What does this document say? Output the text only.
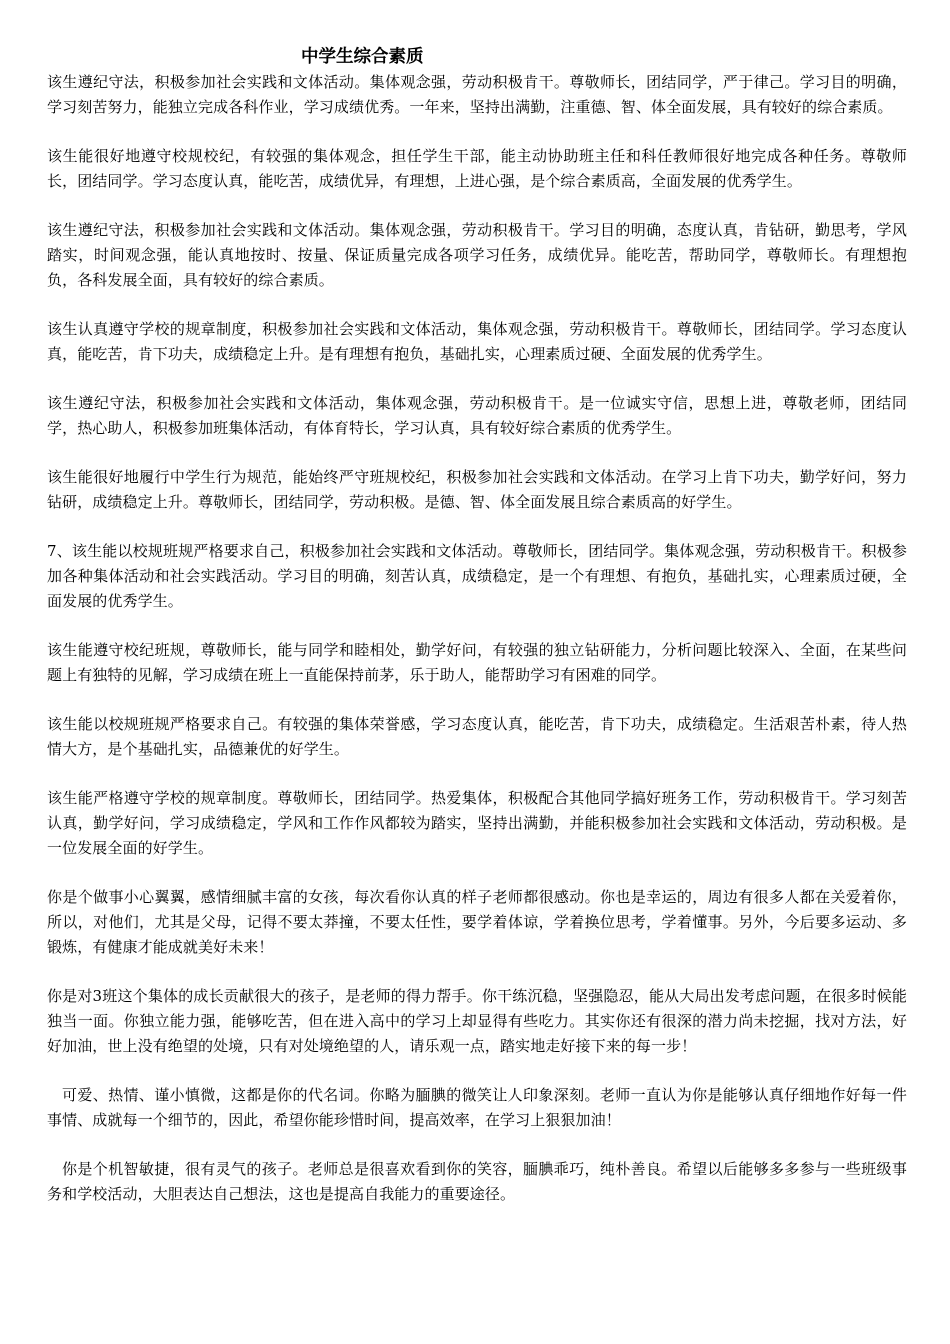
中学生综合素质

该生遵纪守法，积极参加社会实践和文体活动。集体观念强，劳动积极肯干。尊敬师长，团结同学，严于律己。学习目的明确，学习刻苦努力，能独立完成各科作业，学习成绩优秀。一年来，坚持出满勤，注重德、智、体全面发展，具有较好的综合素质。

该生能很好地遵守校规校纪，有较强的集体观念，担任学生干部，能主动协助班主任和科任教师很好地完成各种任务。尊敬师长，团结同学。学习态度认真，能吃苦，成绩优异，有理想，上进心强，是个综合素质高，全面发展的优秀学生。

该生遵纪守法，积极参加社会实践和文体活动。集体观念强，劳动积极肯干。学习目的明确，态度认真，肯钻研，勤思考，学风踏实，时间观念强，能认真地按时、按量、保证质量完成各项学习任务，成绩优异。能吃苦，帮助同学，尊敬师长。有理想抱负，各科发展全面，具有较好的综合素质。

该生认真遵守学校的规章制度，积极参加社会实践和文体活动，集体观念强，劳动积极肯干。尊敬师长，团结同学。学习态度认真，能吃苦，肯下功夫，成绩稳定上升。是有理想有抱负，基础扎实，心理素质过硬、全面发展的优秀学生。

该生遵纪守法，积极参加社会实践和文体活动，集体观念强，劳动积极肯干。是一位诚实守信，思想上进，尊敬老师，团结同学，热心助人，积极参加班集体活动，有体育特长，学习认真，具有较好综合素质的优秀学生。

该生能很好地履行中学生行为规范，能始终严守班规校纪，积极参加社会实践和文体活动。在学习上肯下功夫，勤学好问，努力钻研，成绩稳定上升。尊敬师长，团结同学，劳动积极。是德、智、体全面发展且综合素质高的好学生。

7、该生能以校规班规严格要求自己，积极参加社会实践和文体活动。尊敬师长，团结同学。集体观念强，劳动积极肯干。积极参加各种集体活动和社会实践活动。学习目的明确，刻苦认真，成绩稳定，是一个有理想、有抱负，基础扎实，心理素质过硬，全面发展的优秀学生。

该生能遵守校纪班规，尊敬师长，能与同学和睦相处，勤学好问，有较强的独立钻研能力，分析问题比较深入、全面，在某些问题上有独特的见解，学习成绩在班上一直能保持前茅，乐于助人，能帮助学习有困难的同学。

该生能以校规班规严格要求自己。有较强的集体荣誉感，学习态度认真，能吃苦，肯下功夫，成绩稳定。生活艰苦朴素，待人热情大方，是个基础扎实，品德兼优的好学生。

该生能严格遵守学校的规章制度。尊敬师长，团结同学。热爱集体，积极配合其他同学搞好班务工作，劳动积极肯干。学习刻苦认真，勤学好问，学习成绩稳定，学风和工作作风都较为踏实，坚持出满勤，并能积极参加社会实践和文体活动，劳动积极。是一位发展全面的好学生。

你是个做事小心翼翼，感情细腻丰富的女孩，每次看你认真的样子老师都很感动。你也是幸运的，周边有很多人都在关爱着你，所以，对他们，尤其是父母，记得不要太莽撞，不要太任性，要学着体谅，学着换位思考，学着懂事。另外，今后要多运动、多锻炼，有健康才能成就美好未来！

你是对3班这个集体的成长贡献很大的孩子，是老师的得力帮手。你干练沉稳，坚强隐忍，能从大局出发考虑问题，在很多时候能独当一面。你独立能力强，能够吃苦，但在进入高中的学习上却显得有些吃力。其实你还有很深的潜力尚未挖掘，找对方法，好好加油，世上没有绝望的处境，只有对处境绝望的人，请乐观一点，踏实地走好接下来的每一步！

可爱、热情、谨小慎微，这都是你的代名词。你略为腼腆的微笑让人印象深刻。老师一直认为你是能够认真仔细地作好每一件事情、成就每一个细节的，因此，希望你能珍惜时间，提高效率，在学习上狠狠加油！

你是个机智敏捷，很有灵气的孩子。老师总是很喜欢看到你的笑容，腼腆乖巧，纯朴善良。希望以后能够多多参与一些班级事务和学校活动，大胆表达自己想法，这也是提高自我能力的重要途径。
